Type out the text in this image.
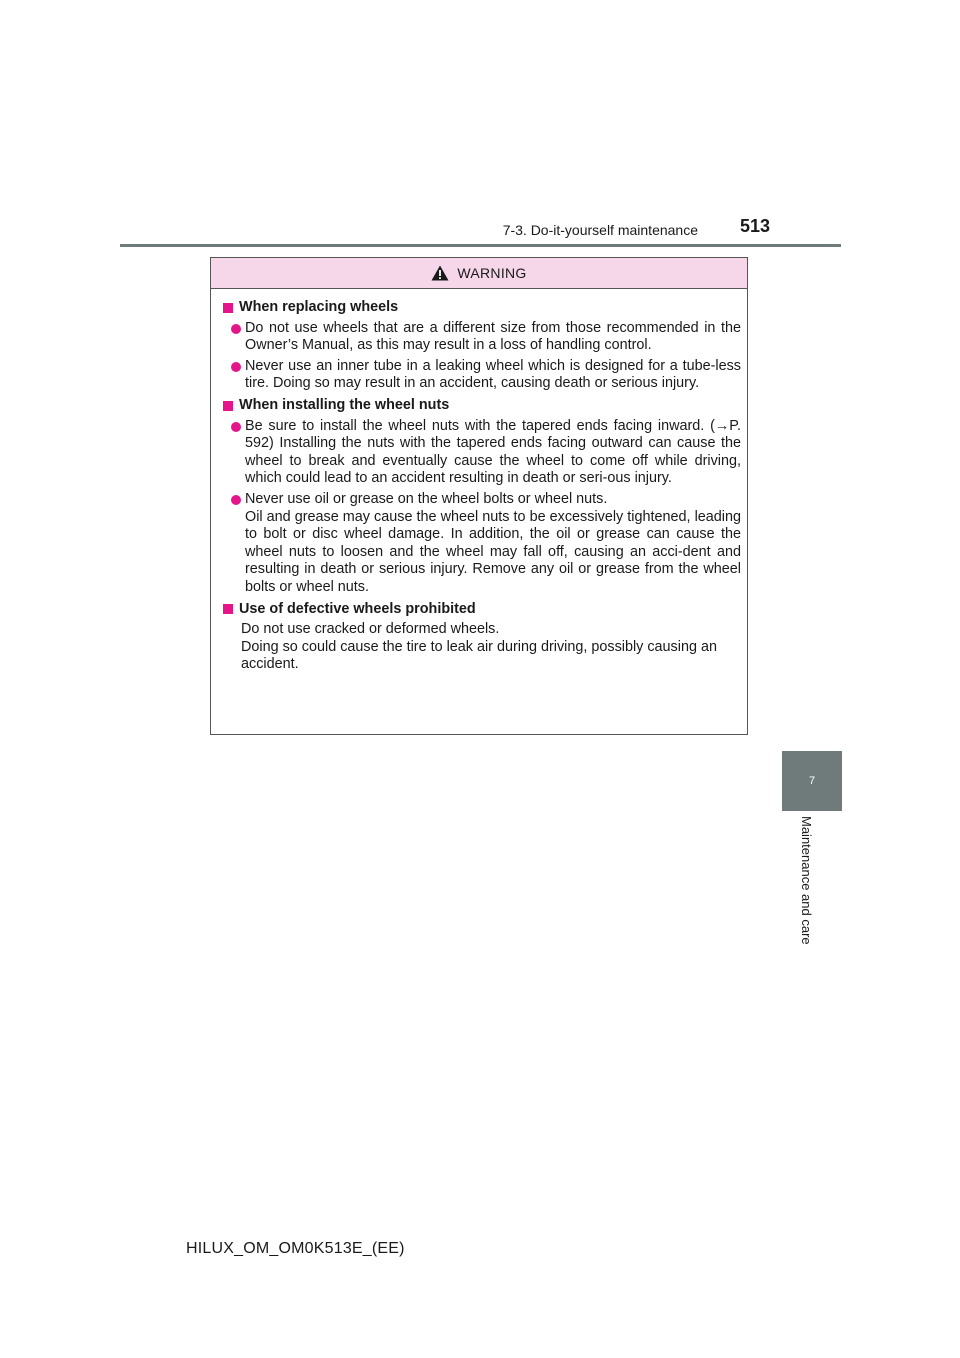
7-3. Do-it-yourself maintenance 513
7
Maintenance and care
WARNING
When replacing wheels
Do not use wheels that are a different size from those recommended in the Owner’s Manual, as this may result in a loss of handling control.
Never use an inner tube in a leaking wheel which is designed for a tube-less tire. Doing so may result in an accident, causing death or serious injury.
When installing the wheel nuts
Be sure to install the wheel nuts with the tapered ends facing inward. (→P. 592) Installing the nuts with the tapered ends facing outward can cause the wheel to break and eventually cause the wheel to come off while driving, which could lead to an accident resulting in death or seri-ous injury.
Never use oil or grease on the wheel bolts or wheel nuts.
Oil and grease may cause the wheel nuts to be excessively tightened, leading to bolt or disc wheel damage. In addition, the oil or grease can cause the wheel nuts to loosen and the wheel may fall off, causing an acci-dent and resulting in death or serious injury. Remove any oil or grease from the wheel bolts or wheel nuts.
Use of defective wheels prohibited
Do not use cracked or deformed wheels.
Doing so could cause the tire to leak air during driving, possibly causing an accident.
HILUX_OM_OM0K513E_(EE)
